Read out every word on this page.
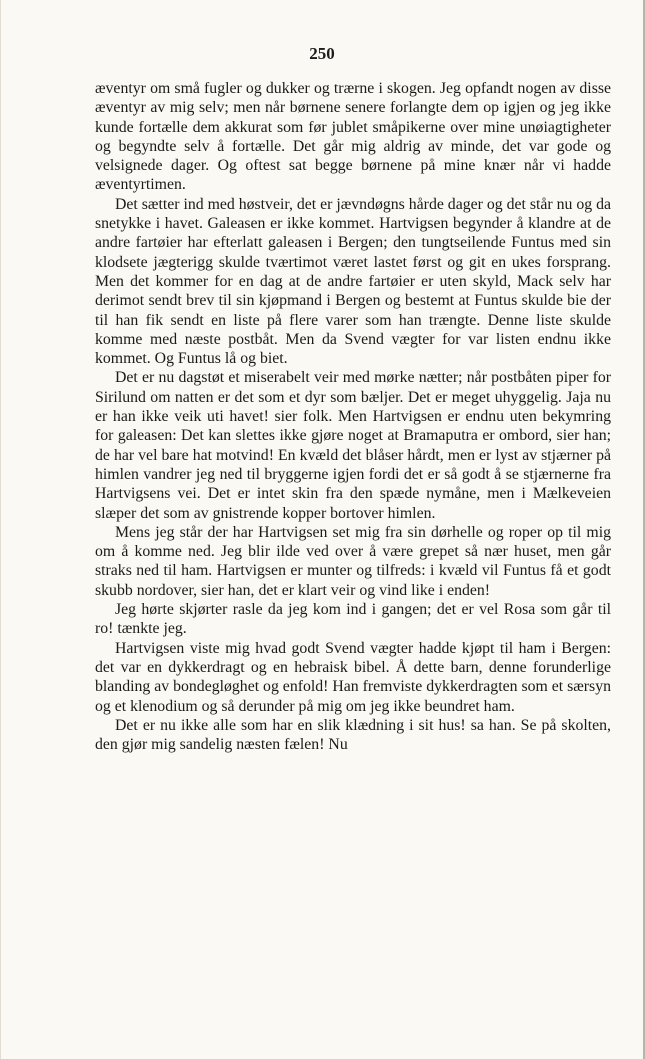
250

æventyr om små fugler og dukker og trærne i skogen. Jeg opfandt nogen av disse æventyr av mig selv; men når børnene senere forlangte dem op igjen og jeg ikke kunde fortælle dem akkurat som før jublet småpikerne over mine unøiagtigheter og begyndte selv å fortælle. Det går mig aldrig av minde, det var gode og velsignede dager. Og oftest sat begge børnene på mine knær når vi hadde æventyrtimen.

Det sætter ind med høstveir, det er jævndøgns hårde dager og det står nu og da snetykke i havet. Galeasen er ikke kommet. Hartvigsen begynder å klandre at de andre fartøier har efterlatt galeasen i Bergen; den tungtseilende Funtus med sin klodsete jægterigg skulde tværtimot været lastet først og git en ukes forsprang. Men det kommer for en dag at de andre fartøier er uten skyld, Mack selv har derimot sendt brev til sin kjøpmand i Bergen og bestemt at Funtus skulde bie der til han fik sendt en liste på flere varer som han trængte. Denne liste skulde komme med næste postbåt. Men da Svend vægter for var listen endnu ikke kommet. Og Funtus lå og biet.

Det er nu dagstøt et miserabelt veir med mørke nætter; når postbåten piper for Sirilund om natten er det som et dyr som bæljer. Det er meget uhyggelig. Jaja nu er han ikke veik uti havet! sier folk. Men Hartvigsen er endnu uten bekymring for galeasen: Det kan slettes ikke gjøre noget at Bramaputra er ombord, sier han; de har vel bare hat motvind! En kvæld det blåser hårdt, men er lyst av stjærner på himlen vandrer jeg ned til bryggerne igjen fordi det er så godt å se stjærnerne fra Hartvigsens vei. Det er intet skin fra den spæde nymåne, men i Mælkeveien slæper det som av gnistrende kopper bortover himlen.

Mens jeg står der har Hartvigsen set mig fra sin dørhelle og roper op til mig om å komme ned. Jeg blir ilde ved over å være grepet så nær huset, men går straks ned til ham. Hartvigsen er munter og tilfreds: i kvæld vil Funtus få et godt skubb nordover, sier han, det er klart veir og vind like i enden!

Jeg hørte skjørter rasle da jeg kom ind i gangen; det er vel Rosa som går til ro! tænkte jeg.

Hartvigsen viste mig hvad godt Svend vægter hadde kjøpt til ham i Bergen: det var en dykkerdragt og en hebraisk bibel. Å dette barn, denne forunderlige blanding av bondegløghet og enfold! Han fremviste dykkerdragten som et særsyn og et klenodium og så derunder på mig om jeg ikke beundret ham.

Det er nu ikke alle som har en slik klædning i sit hus! sa han. Se på skolten, den gjør mig sandelig næsten fælen! Nu
